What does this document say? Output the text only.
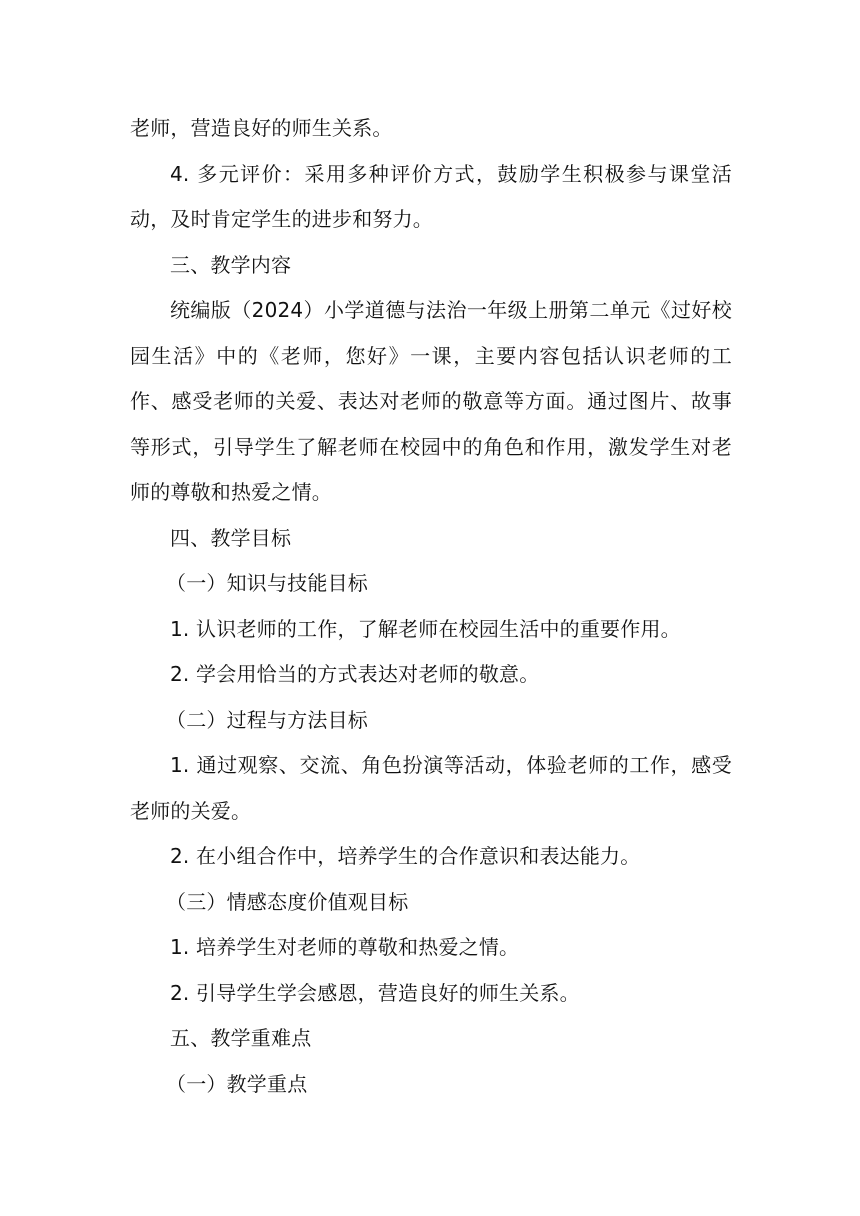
老师，营造良好的师生关系。

4. 多元评价：采用多种评价方式，鼓励学生积极参与课堂活动，及时肯定学生的进步和努力。

三、教学内容

统编版（2024）小学道德与法治一年级上册第二单元《过好校园生活》中的《老师，您好》一课，主要内容包括认识老师的工作、感受老师的关爱、表达对老师的敬意等方面。通过图片、故事等形式，引导学生了解老师在校园中的角色和作用，激发学生对老师的尊敬和热爱之情。

四、教学目标

（一）知识与技能目标

1. 认识老师的工作，了解老师在校园生活中的重要作用。

2. 学会用恰当的方式表达对老师的敬意。

（二）过程与方法目标

1. 通过观察、交流、角色扮演等活动，体验老师的工作，感受老师的关爱。

2. 在小组合作中，培养学生的合作意识和表达能力。

（三）情感态度价值观目标

1. 培养学生对老师的尊敬和热爱之情。

2. 引导学生学会感恩，营造良好的师生关系。

五、教学重难点

（一）教学重点
